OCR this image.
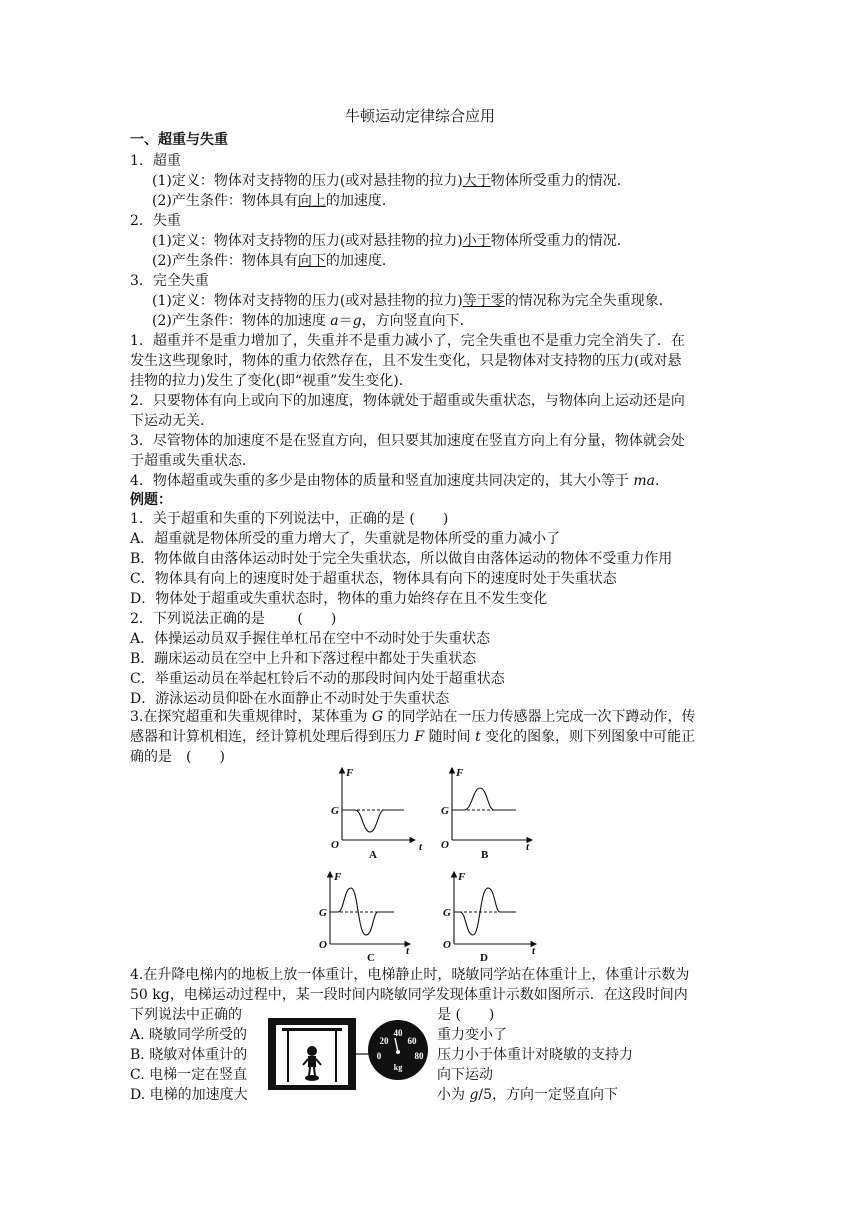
牛顿运动定律综合应用
一、超重与失重
1．超重
(1)定义：物体对支持物的压力(或对悬挂物的拉力)大于物体所受重力的情况．
(2)产生条件：物体具有向上的加速度．
2．失重
(1)定义：物体对支持物的压力(或对悬挂物的拉力)小于物体所受重力的情况．
(2)产生条件：物体具有向下的加速度．
3．完全失重
(1)定义：物体对支持物的压力(或对悬挂物的拉力)等于零的情况称为完全失重现象．
(2)产生条件：物体的加速度 a＝g，方向竖直向下．
1．超重并不是重力增加了，失重并不是重力减小了，完全失重也不是重力完全消失了．在
发生这些现象时，物体的重力依然存在，且不发生变化，只是物体对支持物的压力(或对悬
挂物的拉力)发生了变化(即“视重”发生变化)．
2．只要物体有向上或向下的加速度，物体就处于超重或失重状态，与物体向上运动还是向
下运动无关．
3．尽管物体的加速度不是在竖直方向，但只要其加速度在竖直方向上有分量，物体就会处
于超重或失重状态．
4．物体超重或失重的多少是由物体的质量和竖直加速度共同决定的，其大小等于 ma.
例题：
1．关于超重和失重的下列说法中，正确的是 (　　)
A．超重就是物体所受的重力增大了，失重就是物体所受的重力减小了
B．物体做自由落体运动时处于完全失重状态，所以做自由落体运动的物体不受重力作用
C．物体具有向上的速度时处于超重状态，物体具有向下的速度时处于失重状态
D．物体处于超重或失重状态时，物体的重力始终存在且不发生变化
2．下列说法正确的是　　 (　　)
A．体操运动员双手握住单杠吊在空中不动时处于失重状态
B．蹦床运动员在空中上升和下落过程中都处于失重状态
C．举重运动员在举起杠铃后不动的那段时间内处于超重状态
D．游泳运动员仰卧在水面静止不动时处于失重状态
3.在探究超重和失重规律时，某体重为 G 的同学站在一压力传感器上完成一次下蹲动作，传
感器和计算机相连，经计算机处理后得到压力 F 随时间 t 变化的图象，则下列图象中可能正
确的是　(　　)
F
G
O	t
A
F
G
O	t
B
F
G
O	t
C
F
G
O	t
D
4.在升降电梯内的地板上放一体重计，电梯静止时，晓敏同学站在体重计上，体重计示数为
50 kg，电梯运动过程中，某一段时间内晓敏同学发现体重计示数如图所示．在这段时间内
下列说法中正确的	是 (　　)
A. 晓敏同学所受的	重力变小了
B. 晓敏对体重计的	压力小于体重计对晓敏的支持力
C. 电梯一定在竖直	向下运动
D. 电梯的加速度大	小为 g/5，方向一定竖直向下
20
40
60
0	80
kg
